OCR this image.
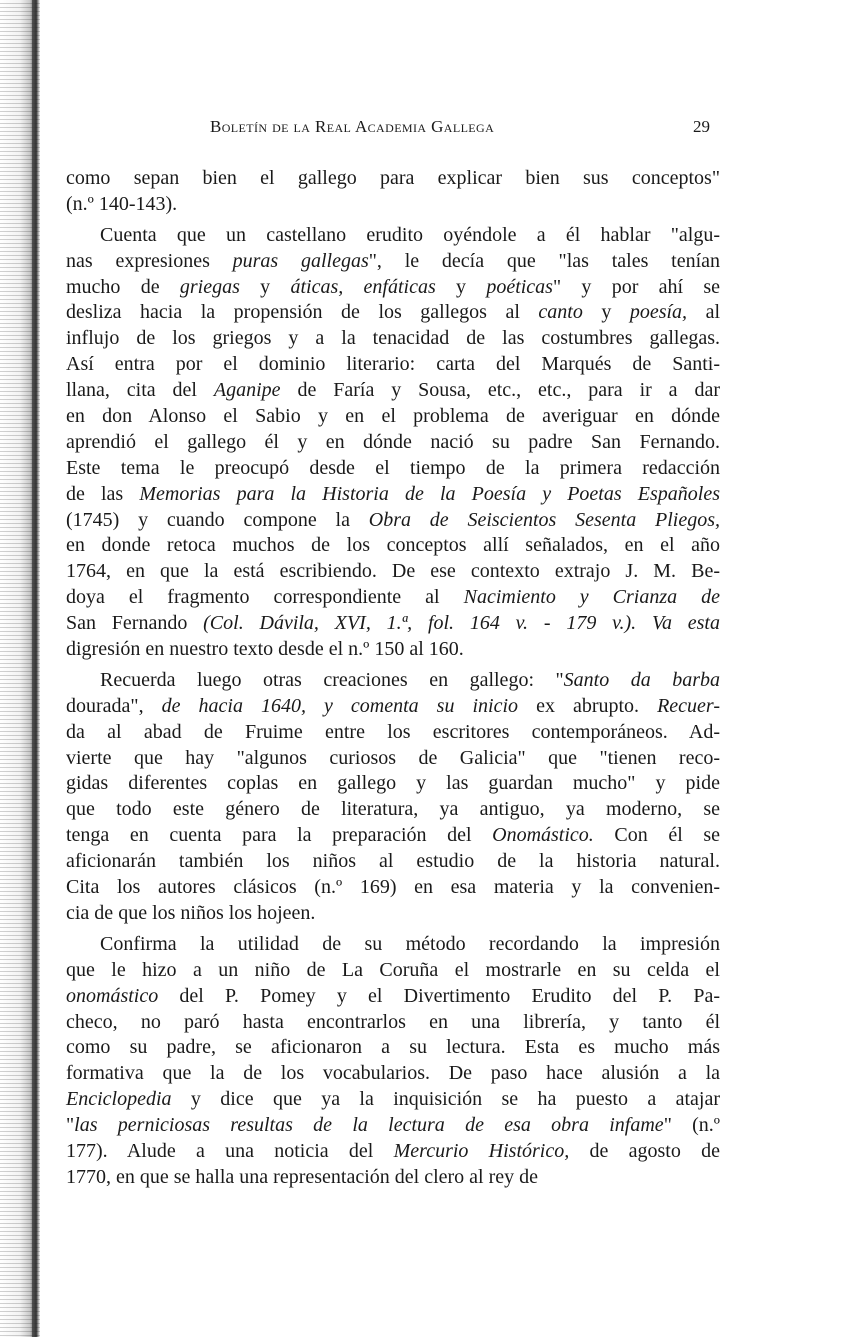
Boletín de la Real Academia Gallega	29
como sepan bien el gallego para explicar bien sus conceptos"
(n.º 140-143).
Cuenta que un castellano erudito oyéndole a él hablar "algu-
nas expresiones puras gallegas", le decía que "las tales tenían
mucho de griegas y áticas, enfáticas y poéticas" y por ahí se
desliza hacia la propensión de los gallegos al canto y poesía, al
influjo de los griegos y a la tenacidad de las costumbres gallegas.
Así entra por el dominio literario: carta del Marqués de Santi-
llana, cita del Aganipe de Faría y Sousa, etc., etc., para ir a dar
en don Alonso el Sabio y en el problema de averiguar en dónde
aprendió el gallego él y en dónde nació su padre San Fernando.
Este tema le preocupó desde el tiempo de la primera redacción
de las Memorias para la Historia de la Poesía y Poetas Españoles
(1745) y cuando compone la Obra de Seiscientos Sesenta Pliegos,
en donde retoca muchos de los conceptos allí señalados, en el año
1764, en que la está escribiendo. De ese contexto extrajo J. M. Be-
doya el fragmento correspondiente al Nacimiento y Crianza de
San Fernando (Col. Dávila, XVI, 1.ª, fol. 164 v. - 179 v.). Va esta
digresión en nuestro texto desde el n.º 150 al 160.
Recuerda luego otras creaciones en gallego: "Santo da barba
dourada", de hacia 1640, y comenta su inicio ex abrupto. Recuer-
da al abad de Fruime entre los escritores contemporáneos. Ad-
vierte que hay "algunos curiosos de Galicia" que "tienen reco-
gidas diferentes coplas en gallego y las guardan mucho" y pide
que todo este género de literatura, ya antiguo, ya moderno, se
tenga en cuenta para la preparación del Onomástico. Con él se
aficionarán también los niños al estudio de la historia natural.
Cita los autores clásicos (n.º 169) en esa materia y la convenien-
cia de que los niños los hojeen.
Confirma la utilidad de su método recordando la impresión
que le hizo a un niño de La Coruña el mostrarle en su celda el
onomástico del P. Pomey y el Divertimento Erudito del P. Pa-
checo, no paró hasta encontrarlos en una librería, y tanto él
como su padre, se aficionaron a su lectura. Esta es mucho más
formativa que la de los vocabularios. De paso hace alusión a la
Enciclopedia y dice que ya la inquisición se ha puesto a atajar
"las perniciosas resultas de la lectura de esa obra infame" (n.º
177). Alude a una noticia del Mercurio Histórico, de agosto de
1770, en que se halla una representación del clero al rey de
